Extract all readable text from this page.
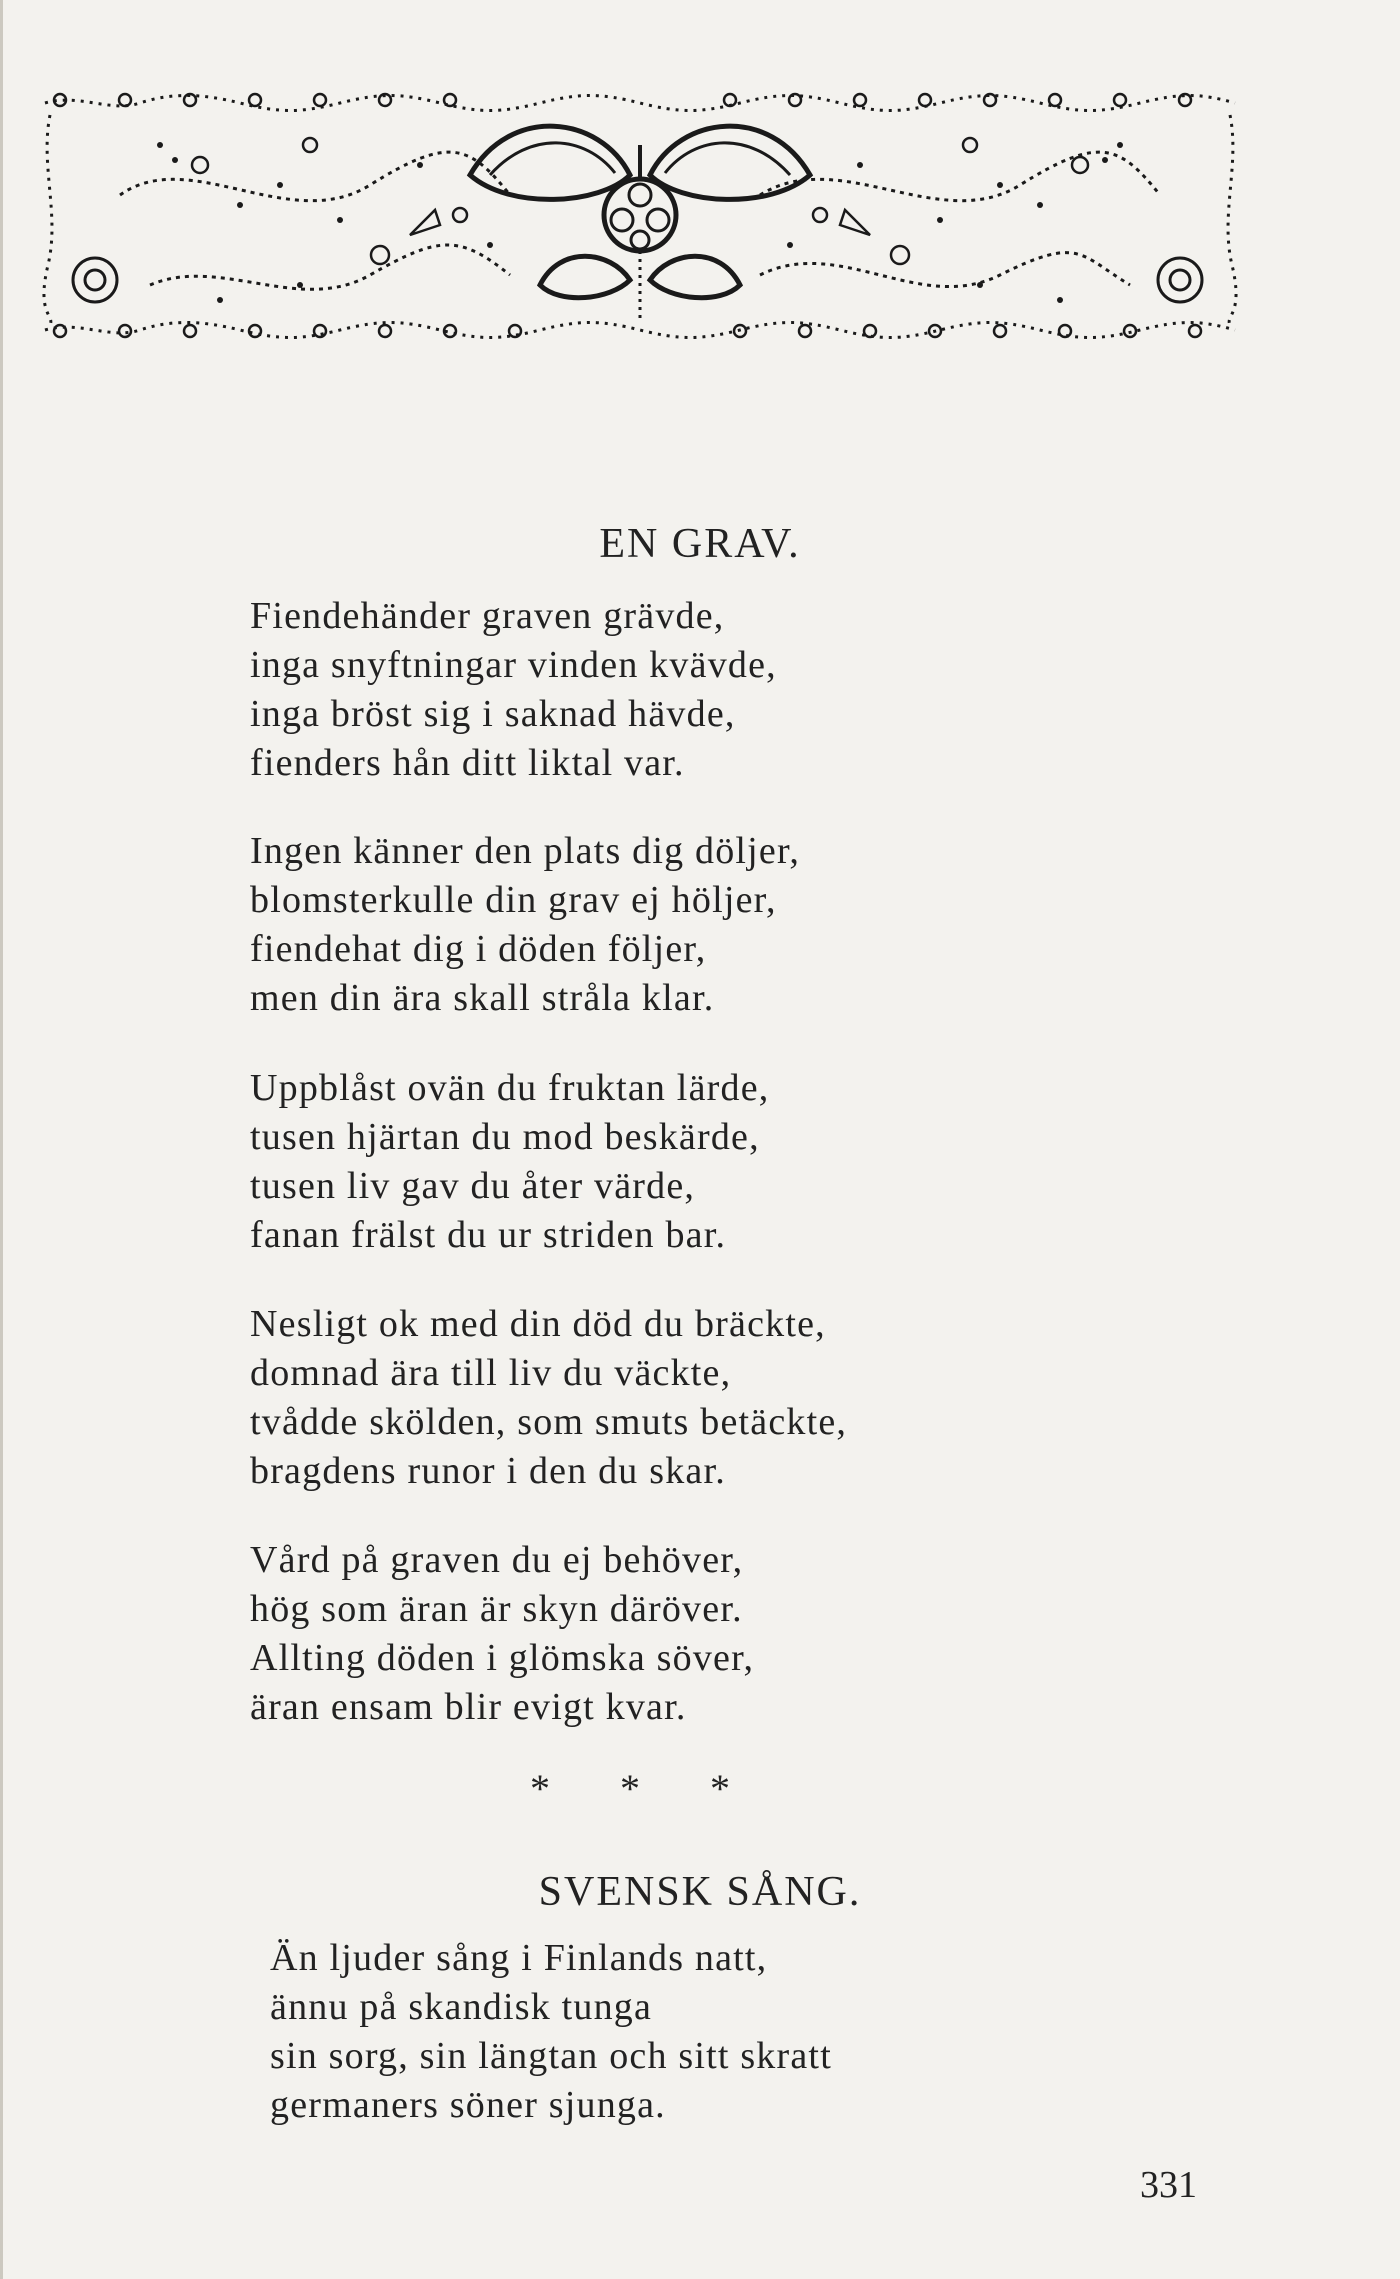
EN GRAV.
Fiendehänder graven grävde,
inga snyftningar vinden kvävde,
inga bröst sig i saknad hävde,
fienders hån ditt liktal var.
Ingen känner den plats dig döljer,
blomsterkulle din grav ej höljer,
fiendehat dig i döden följer,
men din ära skall stråla klar.
Uppblåst ovän du fruktan lärde,
tusen hjärtan du mod beskärde,
tusen liv gav du åter värde,
fanan frälst du ur striden bar.
Nesligt ok med din död du bräckte,
domnad ära till liv du väckte,
tvådde skölden, som smuts betäckte,
bragdens runor i den du skar.
Vård på graven du ej behöver,
hög som äran är skyn däröver.
Allting döden i glömska söver,
äran ensam blir evigt kvar.
* * *
SVENSK SÅNG.
Än ljuder sång i Finlands natt,
ännu på skandisk tunga
sin sorg, sin längtan och sitt skratt
germaners söner sjunga.
331
